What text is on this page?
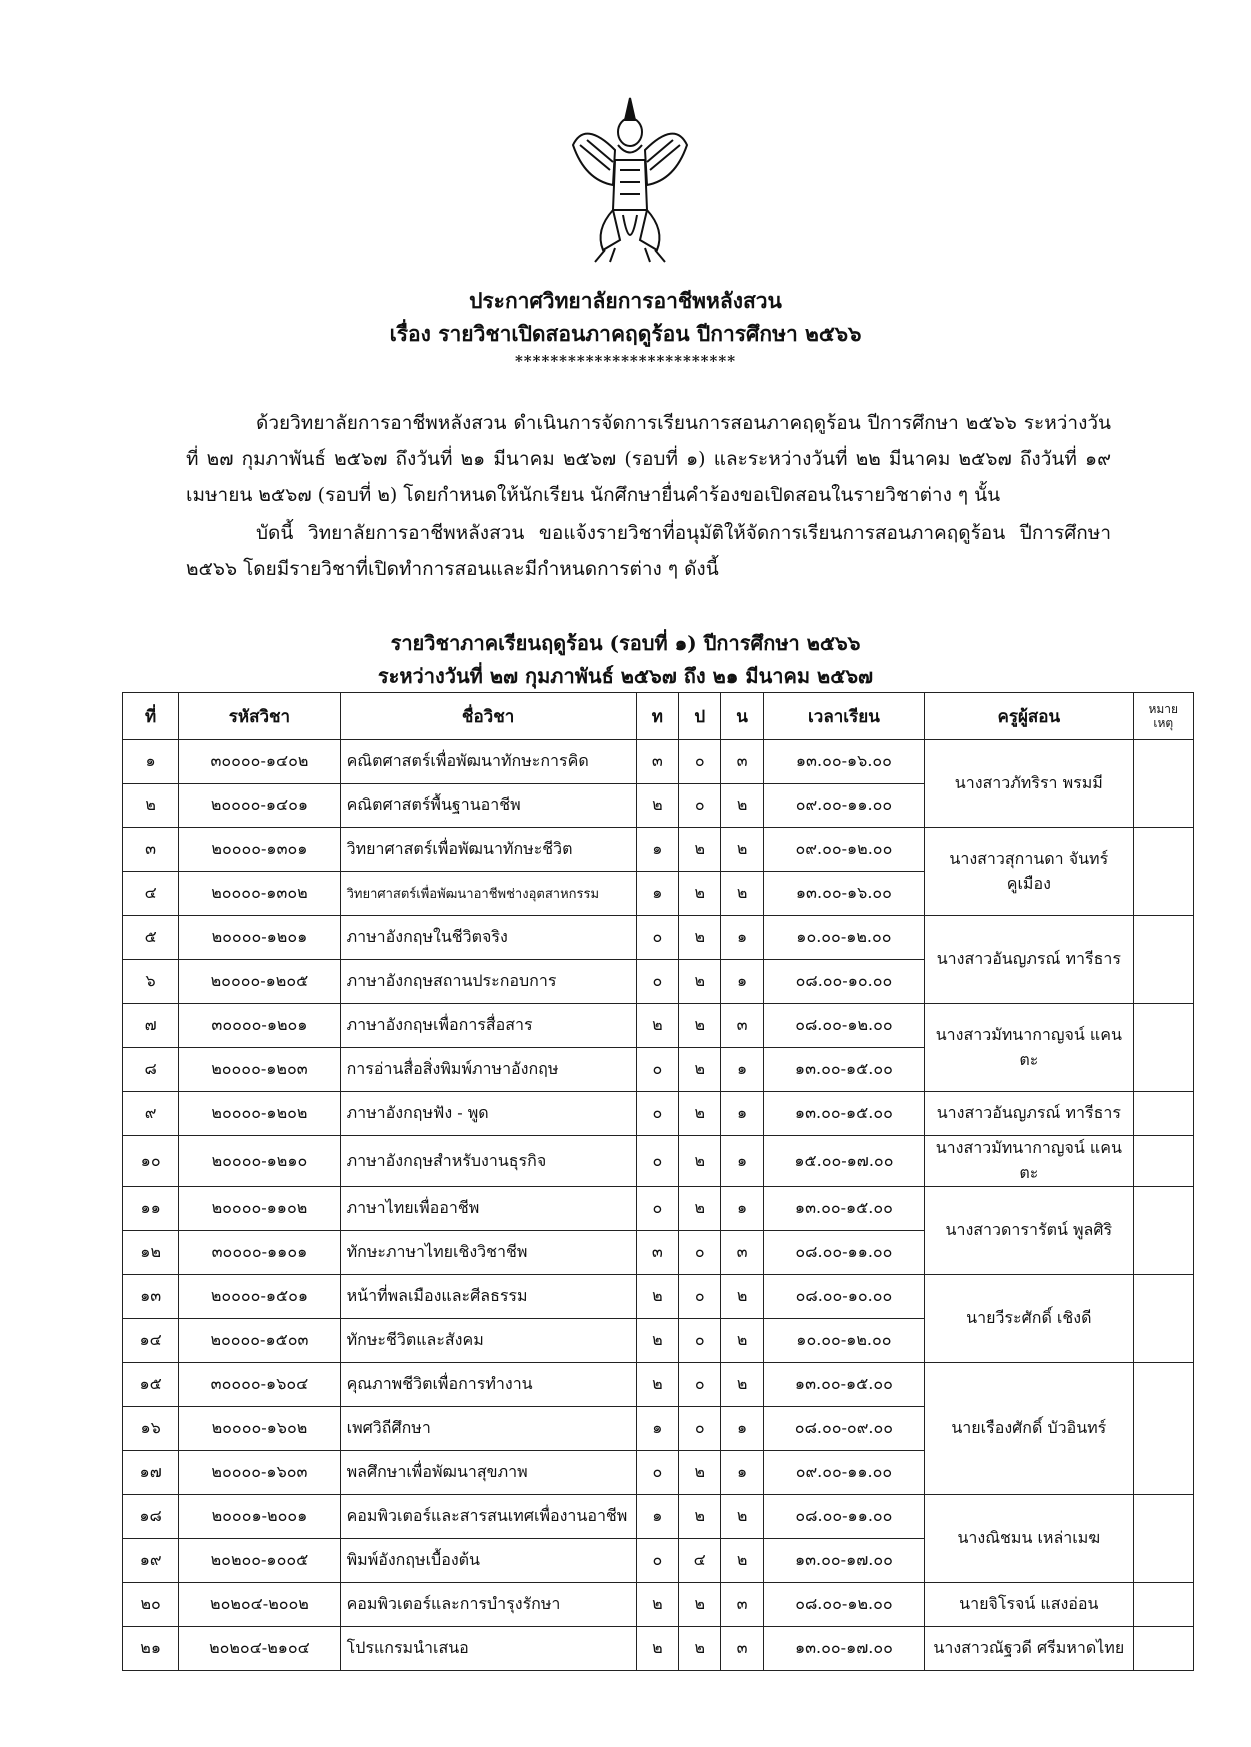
ประกาศวิทยาลัยการอาชีพหลังสวน
เรื่อง รายวิชาเปิดสอนภาคฤดูร้อน ปีการศึกษา ๒๕๖๖
*************************
ด้วยวิทยาลัยการอาชีพหลังสวน ดำเนินการจัดการเรียนการสอนภาคฤดูร้อน ปีการศึกษา ๒๕๖๖ ระหว่างวันที่ ๒๗ กุมภาพันธ์ ๒๕๖๗ ถึงวันที่ ๒๑ มีนาคม ๒๕๖๗ (รอบที่ ๑) และระหว่างวันที่ ๒๒ มีนาคม ๒๕๖๗ ถึงวันที่ ๑๙ เมษายน ๒๕๖๗ (รอบที่ ๒) โดยกำหนดให้นักเรียน นักศึกษายื่นคำร้องขอเปิดสอนในรายวิชาต่าง ๆ นั้น
บัดนี้ วิทยาลัยการอาชีพหลังสวน ขอแจ้งรายวิชาที่อนุมัติให้จัดการเรียนการสอนภาคฤดูร้อน ปีการศึกษา ๒๕๖๖ โดยมีรายวิชาที่เปิดทำการสอนและมีกำหนดการต่าง ๆ ดังนี้
รายวิชาภาคเรียนฤดูร้อน (รอบที่ ๑) ปีการศึกษา ๒๕๖๖
ระหว่างวันที่ ๒๗ กุมภาพันธ์ ๒๕๖๗ ถึง ๒๑ มีนาคม ๒๕๖๗
ที่	รหัสวิชา	ชื่อวิชา	ท	ป	น	เวลาเรียน	ครูผู้สอน	หมาย เหตุ
๑	๓๐๐๐๐-๑๔๐๒	คณิตศาสตร์เพื่อพัฒนาทักษะการคิด	๓	๐	๓	๑๓.๐๐-๑๖.๐๐	นางสาวภัทริรา พรมมี	
๒	๒๐๐๐๐-๑๔๐๑	คณิตศาสตร์พื้นฐานอาชีพ	๒	๐	๒	๐๙.๐๐-๑๑.๐๐		
๓	๒๐๐๐๐-๑๓๐๑	วิทยาศาสตร์เพื่อพัฒนาทักษะชีวิต	๑	๒	๒	๐๙.๐๐-๑๒.๐๐	นางสาวสุกานดา จันทร์คูเมือง	
๔	๒๐๐๐๐-๑๓๐๒	วิทยาศาสตร์เพื่อพัฒนาอาชีพช่างอุตสาหกรรม	๑	๒	๒	๑๓.๐๐-๑๖.๐๐		
๕	๒๐๐๐๐-๑๒๐๑	ภาษาอังกฤษในชีวิตจริง	๐	๒	๑	๑๐.๐๐-๑๒.๐๐	นางสาวอันญภรณ์ ทารีธาร	
๖	๒๐๐๐๐-๑๒๐๕	ภาษาอังกฤษสถานประกอบการ	๐	๒	๑	๐๘.๐๐-๑๐.๐๐		
๗	๓๐๐๐๐-๑๒๐๑	ภาษาอังกฤษเพื่อการสื่อสาร	๒	๒	๓	๐๘.๐๐-๑๒.๐๐	นางสาวมัทนากาญจน์ แคนตะ	
๘	๒๐๐๐๐-๑๒๐๓	การอ่านสื่อสิ่งพิมพ์ภาษาอังกฤษ	๐	๒	๑	๑๓.๐๐-๑๕.๐๐		
๙	๒๐๐๐๐-๑๒๐๒	ภาษาอังกฤษฟัง - พูด	๐	๒	๑	๑๓.๐๐-๑๕.๐๐	นางสาวอันญภรณ์ ทารีธาร	
๑๐	๒๐๐๐๐-๑๒๑๐	ภาษาอังกฤษสำหรับงานธุรกิจ	๐	๒	๑	๑๕.๐๐-๑๗.๐๐	นางสาวมัทนากาญจน์ แคนตะ	
๑๑	๒๐๐๐๐-๑๑๐๒	ภาษาไทยเพื่ออาชีพ	๐	๒	๑	๑๓.๐๐-๑๕.๐๐	นางสาวดารารัตน์ พูลศิริ	
๑๒	๓๐๐๐๐-๑๑๐๑	ทักษะภาษาไทยเชิงวิชาชีพ	๓	๐	๓	๐๘.๐๐-๑๑.๐๐		
๑๓	๒๐๐๐๐-๑๕๐๑	หน้าที่พลเมืองและศีลธรรม	๒	๐	๒	๐๘.๐๐-๑๐.๐๐	นายวีระศักดิ์ เชิงดี	
๑๔	๒๐๐๐๐-๑๕๐๓	ทักษะชีวิตและสังคม	๒	๐	๒	๑๐.๐๐-๑๒.๐๐		
๑๕	๓๐๐๐๐-๑๖๐๔	คุณภาพชีวิตเพื่อการทำงาน	๒	๐	๒	๑๓.๐๐-๑๕.๐๐	นายเรืองศักดิ์ บัวอินทร์	
๑๖	๒๐๐๐๐-๑๖๐๒	เพศวิถีศึกษา	๑	๐	๑	๐๘.๐๐-๐๙.๐๐		
๑๗	๒๐๐๐๐-๑๖๐๓	พลศึกษาเพื่อพัฒนาสุขภาพ	๐	๒	๑	๐๙.๐๐-๑๑.๐๐		
๑๘	๒๐๐๐๑-๒๐๐๑	คอมพิวเตอร์และสารสนเทศเพื่องานอาชีพ	๑	๒	๒	๐๘.๐๐-๑๑.๐๐	นางณิชมน เหล่าเมฆ	
๑๙	๒๐๒๐๐-๑๐๐๕	พิมพ์อังกฤษเบื้องต้น	๐	๔	๒	๑๓.๐๐-๑๗.๐๐		
๒๐	๒๐๒๐๔-๒๐๐๒	คอมพิวเตอร์และการบำรุงรักษา	๒	๒	๓	๐๘.๐๐-๑๒.๐๐	นายจิโรจน์ แสงอ่อน	
๒๑	๒๐๒๐๔-๒๑๐๔	โปรแกรมนำเสนอ	๒	๒	๓	๑๓.๐๐-๑๗.๐๐	นางสาวณัฐวดี ศรีมหาดไทย	
